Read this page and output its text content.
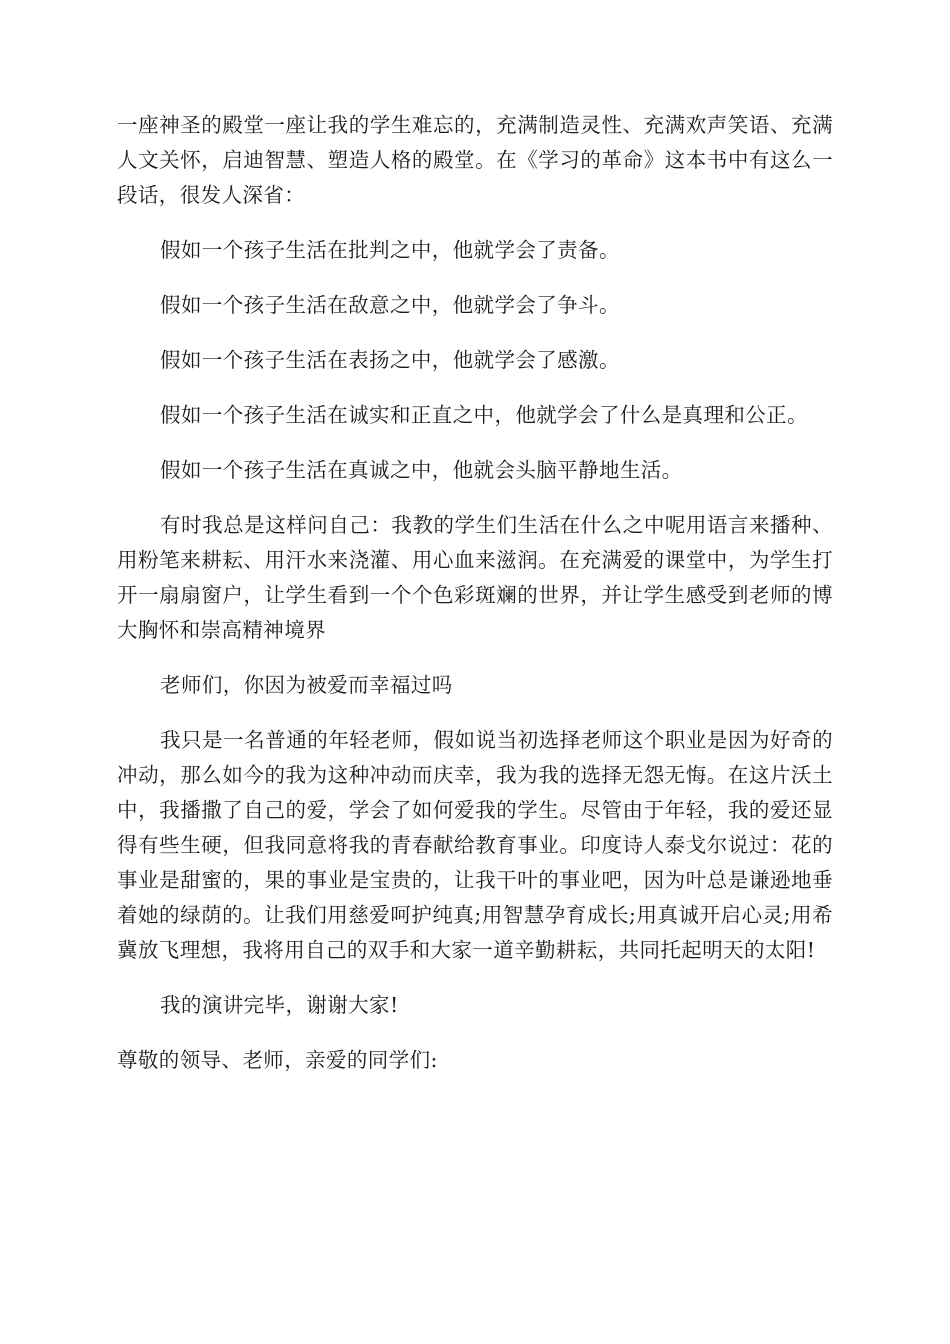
一座神圣的殿堂一座让我的学生难忘的，充满制造灵性、充满欢声笑语、充满人文关怀，启迪智慧、塑造人格的殿堂。在《学习的革命》这本书中有这么一段话，很发人深省：

假如一个孩子生活在批判之中，他就学会了责备。

假如一个孩子生活在敌意之中，他就学会了争斗。

假如一个孩子生活在表扬之中，他就学会了感激。

假如一个孩子生活在诚实和正直之中，他就学会了什么是真理和公正。

假如一个孩子生活在真诚之中，他就会头脑平静地生活。

有时我总是这样问自己：我教的学生们生活在什么之中呢用语言来播种、用粉笔来耕耘、用汗水来浇灌、用心血来滋润。在充满爱的课堂中，为学生打开一扇扇窗户，让学生看到一个个色彩斑斓的世界，并让学生感受到老师的博大胸怀和崇高精神境界

老师们，你因为被爱而幸福过吗

我只是一名普通的年轻老师，假如说当初选择老师这个职业是因为好奇的冲动，那么如今的我为这种冲动而庆幸，我为我的选择无怨无悔。在这片沃土中，我播撒了自己的爱，学会了如何爱我的学生。尽管由于年轻，我的爱还显得有些生硬，但我同意将我的青春献给教育事业。印度诗人泰戈尔说过：花的事业是甜蜜的，果的事业是宝贵的，让我干叶的事业吧，因为叶总是谦逊地垂着她的绿荫的。让我们用慈爱呵护纯真;用智慧孕育成长;用真诚开启心灵;用希冀放飞理想，我将用自己的双手和大家一道辛勤耕耘，共同托起明天的太阳!

我的演讲完毕，谢谢大家!

尊敬的领导、老师，亲爱的同学们:
